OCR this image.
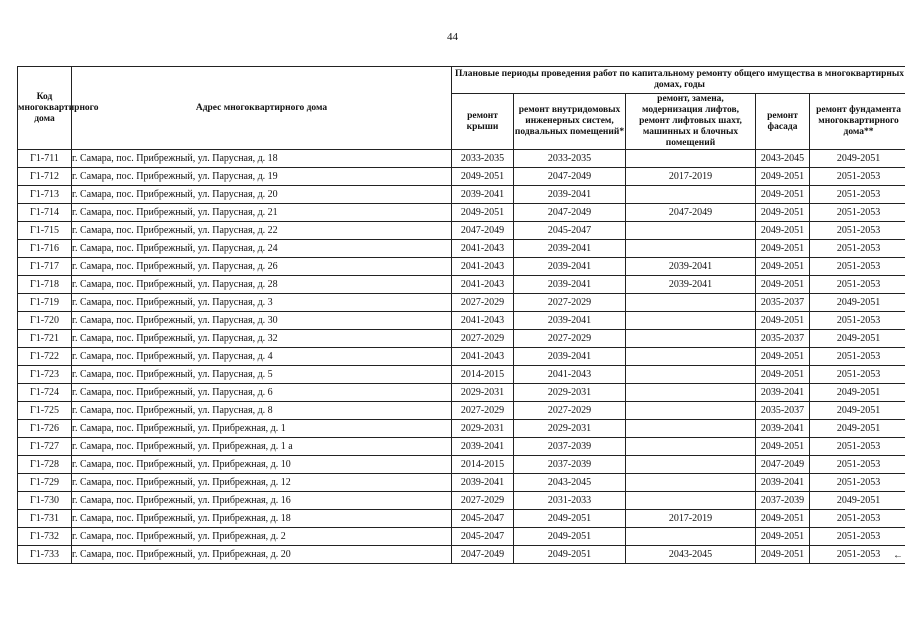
44
Код многоквартирного дома	Адрес многоквартирного дома	Плановые периоды проведения работ по капитальному ремонту общего имущества в многоквартирных домах, годы				
		ремонт крыши	ремонт внутридомовых инженерных систем, подвальных помещений*	ремонт, замена, модернизация лифтов, ремонт лифтовых шахт, машинных и блочных помещений	ремонт фасада	ремонт фундамента многоквартирного дома**
Г1-711	г. Самара, пос. Прибрежный, ул. Парусная, д. 18	2033-2035	2033-2035		2043-2045	2049-2051
Г1-712	г. Самара, пос. Прибрежный, ул. Парусная, д. 19	2049-2051	2047-2049	2017-2019	2049-2051	2051-2053
Г1-713	г. Самара, пос. Прибрежный, ул. Парусная, д. 20	2039-2041	2039-2041		2049-2051	2051-2053
Г1-714	г. Самара, пос. Прибрежный, ул. Парусная, д. 21	2049-2051	2047-2049	2047-2049	2049-2051	2051-2053
Г1-715	г. Самара, пос. Прибрежный, ул. Парусная, д. 22	2047-2049	2045-2047		2049-2051	2051-2053
Г1-716	г. Самара, пос. Прибрежный, ул. Парусная, д. 24	2041-2043	2039-2041		2049-2051	2051-2053
Г1-717	г. Самара, пос. Прибрежный, ул. Парусная, д. 26	2041-2043	2039-2041	2039-2041	2049-2051	2051-2053
Г1-718	г. Самара, пос. Прибрежный, ул. Парусная, д. 28	2041-2043	2039-2041	2039-2041	2049-2051	2051-2053
Г1-719	г. Самара, пос. Прибрежный, ул. Парусная, д. 3	2027-2029	2027-2029		2035-2037	2049-2051
Г1-720	г. Самара, пос. Прибрежный, ул. Парусная, д. 30	2041-2043	2039-2041		2049-2051	2051-2053
Г1-721	г. Самара, пос. Прибрежный, ул. Парусная, д. 32	2027-2029	2027-2029		2035-2037	2049-2051
Г1-722	г. Самара, пос. Прибрежный, ул. Парусная, д. 4	2041-2043	2039-2041		2049-2051	2051-2053
Г1-723	г. Самара, пос. Прибрежный, ул. Парусная, д. 5	2014-2015	2041-2043		2049-2051	2051-2053
Г1-724	г. Самара, пос. Прибрежный, ул. Парусная, д. 6	2029-2031	2029-2031		2039-2041	2049-2051
Г1-725	г. Самара, пос. Прибрежный, ул. Парусная, д. 8	2027-2029	2027-2029		2035-2037	2049-2051
Г1-726	г. Самара, пос. Прибрежный, ул. Прибрежная, д. 1	2029-2031	2029-2031		2039-2041	2049-2051
Г1-727	г. Самара, пос. Прибрежный, ул. Прибрежная, д. 1 а	2039-2041	2037-2039		2049-2051	2051-2053
Г1-728	г. Самара, пос. Прибрежный, ул. Прибрежная, д. 10	2014-2015	2037-2039		2047-2049	2051-2053
Г1-729	г. Самара, пос. Прибрежный, ул. Прибрежная, д. 12	2039-2041	2043-2045		2039-2041	2051-2053
Г1-730	г. Самара, пос. Прибрежный, ул. Прибрежная, д. 16	2027-2029	2031-2033		2037-2039	2049-2051
Г1-731	г. Самара, пос. Прибрежный, ул. Прибрежная, д. 18	2045-2047	2049-2051	2017-2019	2049-2051	2051-2053
Г1-732	г. Самара, пос. Прибрежный, ул. Прибрежная, д. 2	2045-2047	2049-2051		2049-2051	2051-2053
Г1-733	г. Самара, пос. Прибрежный, ул. Прибрежная, д. 20	2047-2049	2049-2051	2043-2045	2049-2051	2051-2053 ←
